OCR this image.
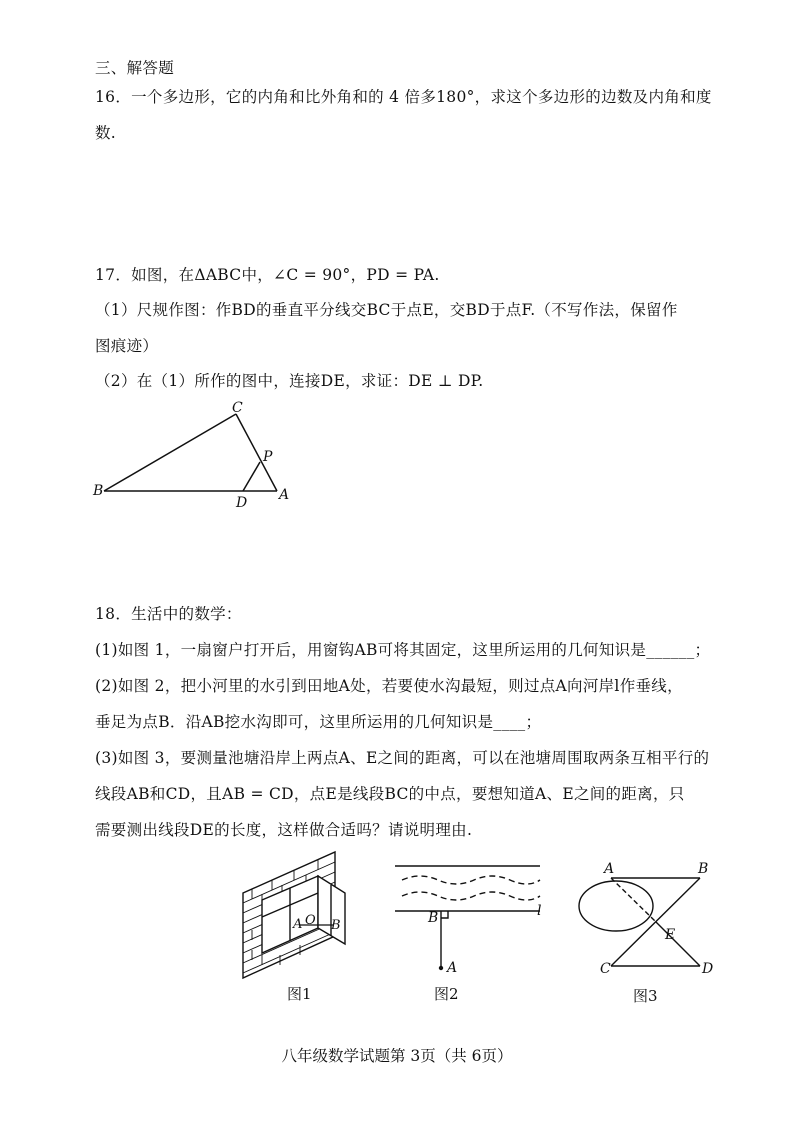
三、解答题
16．一个多边形，它的内角和比外角和的 4 倍多180°，求这个多边形的边数及内角和度
数.
17．如图，在ΔABC中，∠C = 90°，PD = PA.
（1）尺规作图：作BD的垂直平分线交BC于点E，交BD于点F.（不写作法，保留作
图痕迹）
（2）在（1）所作的图中，连接DE，求证：DE ⊥ DP.
C
P
B
D A
18．生活中的数学：
(1)如图 1，一扇窗户打开后，用窗钩AB可将其固定，这里所运用的几何知识是______；
(2)如图 2，把小河里的水引到田地A处，若要使水沟最短，则过点A向河岸l作垂线，
垂足为点B．沿AB挖水沟即可，这里所运用的几何知识是____；
(3)如图 3，要测量池塘沿岸上两点A、E之间的距离，可以在池塘周围取两条互相平行的
线段AB和CD，且AB = CD，点E是线段BC的中点，要想知道A、E之间的距离，只
需要测出线段DE的长度，这样做合适吗？请说明理由.
A O B
图1
B	l
A
图2
A	B
E
C	D
图3
八年级数学试题第 3页（共 6页）
